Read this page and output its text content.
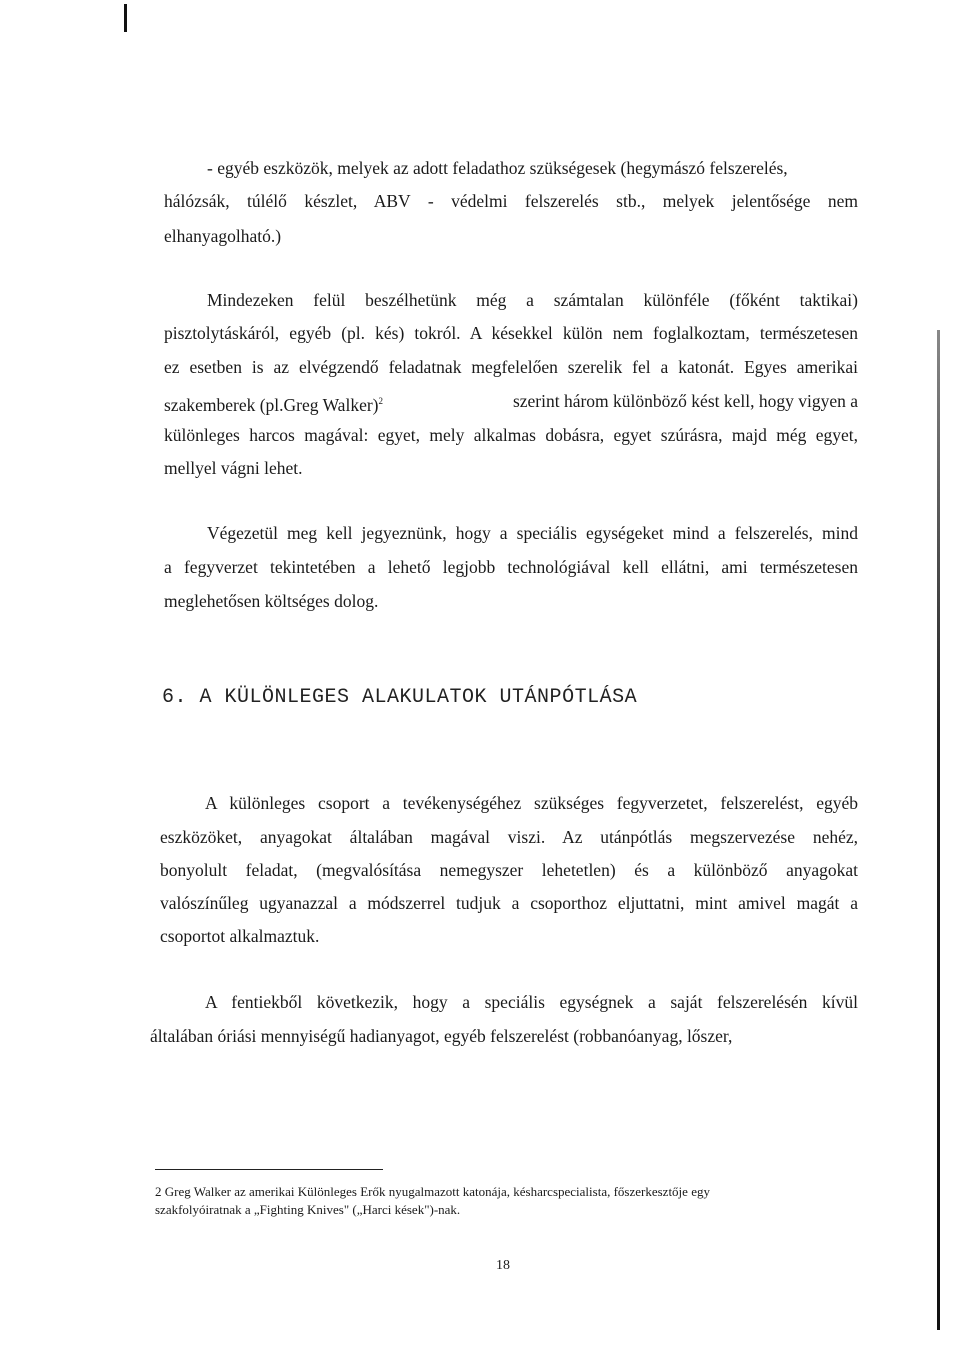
- egyéb eszközök, melyek az adott feladathoz szükségesek (hegymászó felszerelés,
hálózsák, túlélő készlet, ABV - védelmi felszerelés stb., melyek jelentősége nem
elhanyagolható.)
Mindezeken felül beszélhetünk még a számtalan különféle (főként taktikai)
pisztolytáskáról, egyéb (pl. kés) tokról. A késekkel külön nem foglalkoztam, természetesen
ez esetben is az elvégzendő feladatnak megfelelően szerelik fel a katonát. Egyes amerikai
szakemberek (pl.Greg Walker)$^2$	szerint három különböző kést kell, hogy vigyen a
különleges harcos magával: egyet, mely alkalmas dobásra, egyet szúrásra, majd még egyet,
mellyel vágni lehet.
Végezetül meg kell jegyeznünk, hogy a speciális egységeket mind a felszerelés, mind
a fegyverzet tekintetében a lehető legjobb technológiával kell ellátni, ami természetesen
meglehetősen költséges dolog.
6. A KÜLÖNLEGES ALAKULATOK UTÁNPÓTLÁSA
A különleges csoport a tevékenységéhez szükséges fegyverzetet, felszerelést, egyéb
eszközöket, anyagokat általában magával viszi. Az utánpótlás megszervezése nehéz,
bonyolult feladat, (megvalósítása nemegyszer lehetetlen) és a különböző anyagokat
valószínűleg ugyanazzal a módszerrel tudjuk a csoporthoz eljuttatni, mint amivel magát a
csoportot alkalmaztuk.
A fentiekből következik, hogy a speciális egységnek a saját felszerelésén kívül
általában óriási mennyiségű hadianyagot, egyéb felszerelést (robbanóanyag, lőszer,
2 Greg Walker az amerikai Különleges Erők nyugalmazott katonája, késharcspecialista, főszerkesztője egy
szakfolyóiratnak a „Fighting Knives" („Harci kések")-nak.
18
